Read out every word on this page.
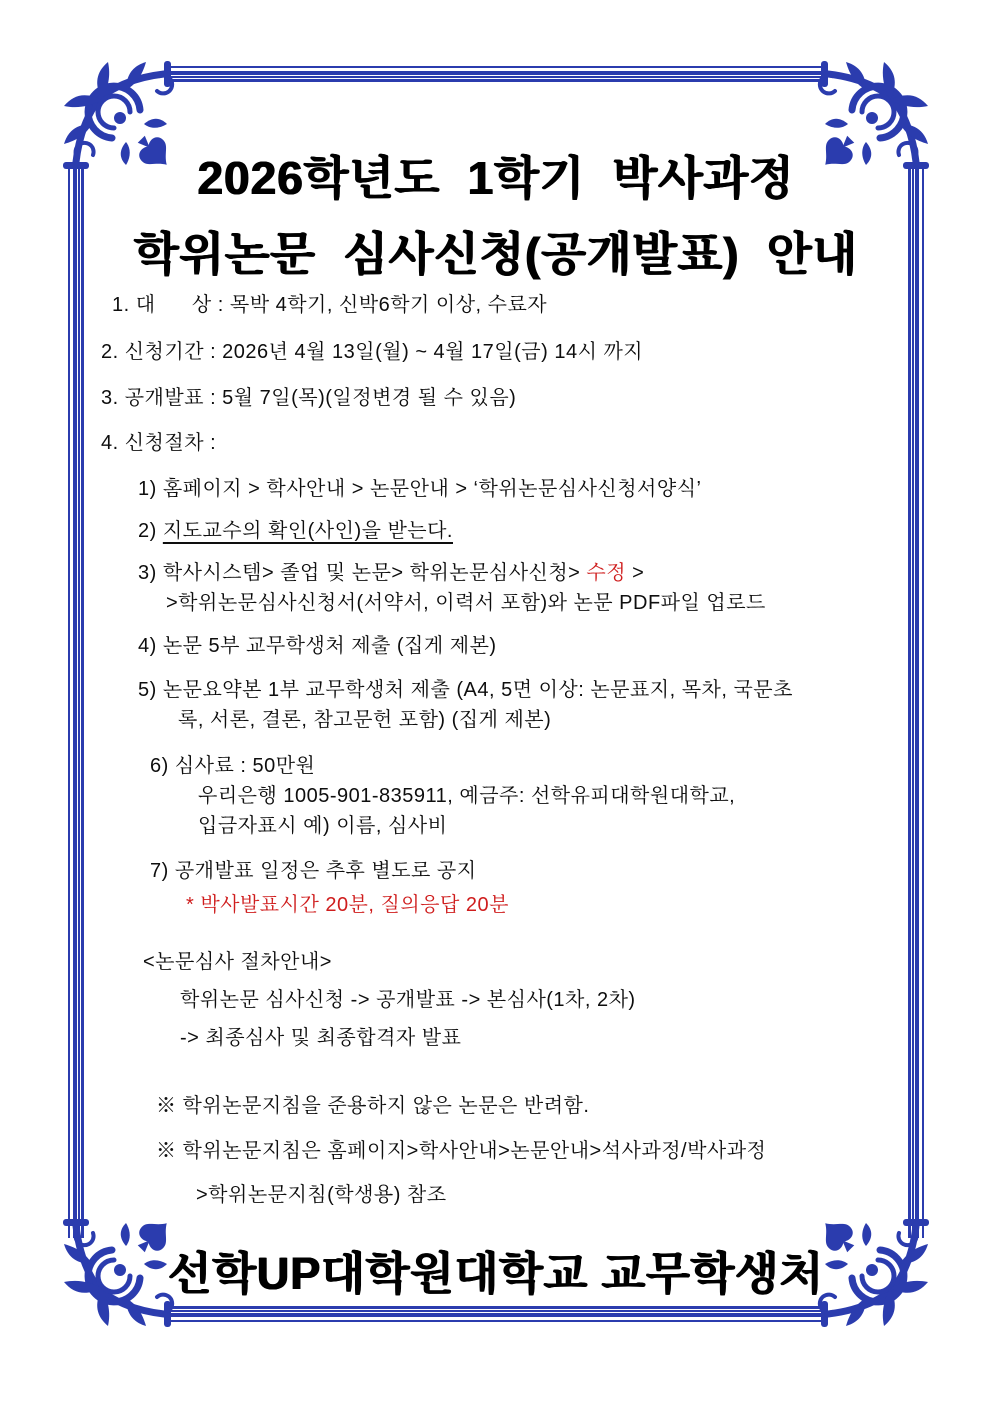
2026학년도  1학기  박사과정
학위논문  심사신청(공개발표)  안내
1. 대      상 : 목박 4학기, 신박6학기 이상, 수료자
2. 신청기간 : 2026년 4월 13일(월) ~ 4월 17일(금) 14시 까지
3. 공개발표 : 5월 7일(목)(일정변경 될 수 있음)
4. 신청절차 :
1) 홈페이지 > 학사안내 > 논문안내 > ‘학위논문심사신청서양식’
2) 지도교수의 확인(사인)을 받는다.
3) 학사시스템> 졸업 및 논문> 학위논문심사신청> 수정 >
>학위논문심사신청서(서약서, 이력서 포함)와 논문 PDF파일 업로드
4) 논문 5부 교무학생처 제출 (집게 제본)
5) 논문요약본 1부 교무학생처 제출 (A4, 5면 이상: 논문표지, 목차, 국문초
록, 서론, 결론, 참고문헌 포함) (집게 제본)
6) 심사료 : 50만원
우리은행 1005-901-835911, 예금주: 선학유피대학원대학교,
입금자표시 예) 이름, 심사비
7) 공개발표 일정은 추후 별도로 공지
* 박사발표시간 20분, 질의응답 20분
<논문심사 절차안내>
학위논문 심사신청 -> 공개발표 -> 본심사(1차, 2차)
-> 최종심사 및 최종합격자 발표
※ 학위논문지침을 준용하지 않은 논문은 반려함.
※ 학위논문지침은 홈페이지>학사안내>논문안내>석사과정/박사과정
>학위논문지침(학생용) 참조
선학UP대학원대학교 교무학생처
